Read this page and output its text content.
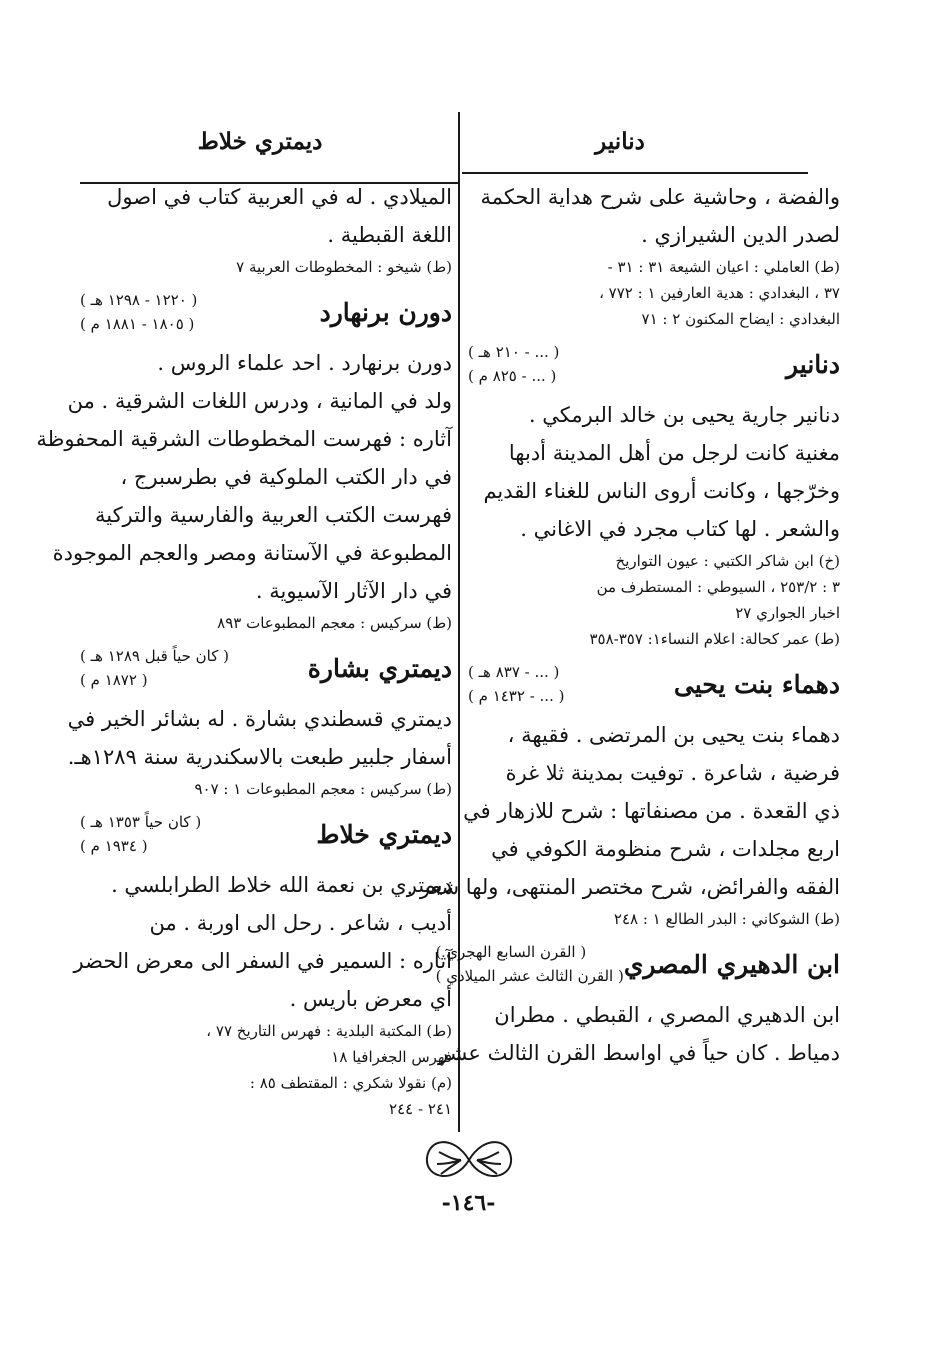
دنانير
ديمتري خلاط
والفضة ، وحاشية على شرح هداية الحكمة
لصدر الدين الشيرازي .
(ط) العاملي : اعيان الشيعة ٣١ : ٣١ -
٣٧ ، البغدادي : هدية العارفين ١ : ٧٧٢ ،
البغدادي : ايضاح المكنون ٢ : ٧١
دنانير
( ... - ٢١٠ هـ )
( ... - ٨٢٥ م )
دنانير جارية يحيى بن خالد البرمكي .
مغنية كانت لرجل من أهل المدينة أدبها
وخرّجها ، وكانت أروى الناس للغناء القديم
والشعر . لها كتاب مجرد في الاغاني .
(خ) ابن شاكر الكتبي : عيون التواريخ
٣ : ٢٥٣/٢ ، السيوطي : المستطرف من
اخبار الجواري ٢٧
(ط) عمر كحالة: اعلام النساء١: ٣٥٧-٣٥٨
دهماء بنت يحيى
( ... - ٨٣٧ هـ )
( ... - ١٤٣٢ م )
دهماء بنت يحيى بن المرتضى . فقيهة ،
فرضية ، شاعرة . توفيت بمدينة ثلا غرة
ذي القعدة . من مصنفاتها : شرح للازهار في
اربع مجلدات ، شرح منظومة الكوفي في
الفقه والفرائض، شرح مختصر المنتهى، ولها شعر .
(ط) الشوكاني : البدر الطالع ١ : ٢٤٨
ابن الدهيري المصري
( القرن السابع الهجري )
( القرن الثالث عشر الميلادي )
ابن الدهيري المصري ، القبطي . مطران
دمياط . كان حياً في اواسط القرن الثالث عشر
الميلادي . له في العربية كتاب في اصول
اللغة القبطية .
(ط) شيخو : المخطوطات العربية ٧
دورن برنهارد
( ١٢٢٠ - ١٢٩٨ هـ )
( ١٨٠٥ - ١٨٨١ م )
دورن برنهارد . احد علماء الروس .
ولد في المانية ، ودرس اللغات الشرقية . من
آثاره : فهرست المخطوطات الشرقية المحفوظة
في دار الكتب الملوكية في بطرسبرج ،
فهرست الكتب العربية والفارسية والتركية
المطبوعة في الآستانة ومصر والعجم الموجودة
في دار الآثار الآسيوية .
(ط) سركيس : معجم المطبوعات ٨٩٣
ديمتري بشارة
( كان حياً قبل ١٢٨٩ هـ )
( ١٨٧٢ م )
ديمتري قسطندي بشارة . له بشائر الخير في
أسفار جلبير طبعت بالاسكندرية سنة ١٢٨٩هـ.
(ط) سركيس : معجم المطبوعات ١ : ٩٠٧
ديمتري خلاط
( كان حياً ١٣٥٣ هـ )
( ١٩٣٤ م )
ديمتري بن نعمة الله خلاط الطرابلسي .
أديب ، شاعر . رحل الى اوربة . من
آثاره : السمير في السفر الى معرض الحضر
أي معرض باريس .
(ط) المكتبة البلدية : فهرس التاريخ ٧٧ ،
فهرس الجغرافيا ١٨
(م) نقولا شكري : المقتطف ٨٥ :
٢٤١ - ٢٤٤
-١٤٦-
